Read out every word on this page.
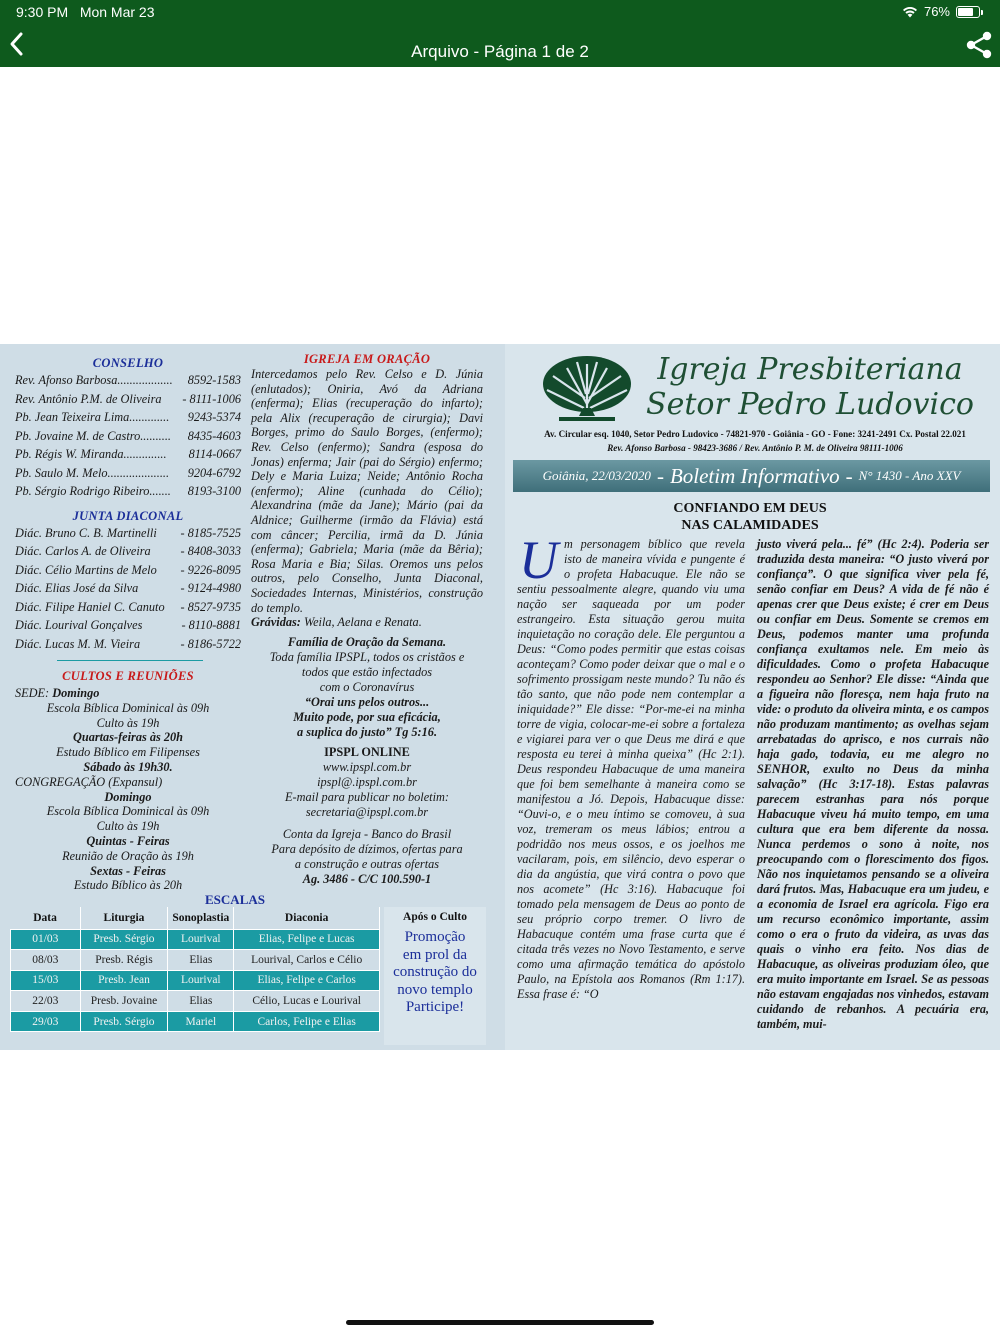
9:30 PM Mon Mar 23	76%
Arquivo - Página 1 de 2
CONSELHO
Rev. Afonso Barbosa.................. 8592-1583
Rev. Antônio P.M. de Oliveira - 8111-1006
Pb. Jean Teixeira Lima............. 9243-5374
Pb. Jovaine M. de Castro.......... 8435-4603
Pb. Régis W. Miranda.............. 8114-0667
Pb. Saulo M. Melo.................... 9204-6792
Pb. Sérgio Rodrigo Ribeiro....... 8193-3100
JUNTA DIACONAL
Diác. Bruno C. B. Martinelli - 8185-7525
Diác. Carlos A. de Oliveira - 8408-3033
Diác. Célio Martins de Melo - 9226-8095
Diác. Elias José da Silva	- 9124-4980
Diác. Filipe Haniel C. Canuto - 8527-9735
Diác. Lourival Gonçalves	- 8110-8881
Diác. Lucas M. M. Vieira	- 8186-5722
CULTOS E REUNIÕES
SEDE: Domingo
Escola Bíblica Dominical às 09h
Culto às 19h
Quartas-feiras às 20h
Estudo Bíblico em Filipenses
Sábado às 19h30.
CONGREGAÇÃO (Expansul)
Domingo
Escola Bíblica Dominical às 09h
Culto às 19h
Quintas - Feiras
Reunião de Oração às 19h
Sextas - Feiras
Estudo Bíblico às 20h
IGREJA EM ORAÇÃO
Intercedamos pelo Rev. Celso e D. Júnia (enlutados); Oniria, Avó da Adriana (enferma); Elias (recuperação do infarto); pela Alix (recuperação de cirurgia); Davi Borges, primo do Saulo Borges, (enfermo); Rev. Celso (enfermo); Sandra (esposa do Jonas) enferma; Jair (pai do Sérgio) enfermo; Dely e Maria Luiza; Neide; Antônio Rocha (enfermo); Aline (cunhada do Célio); Alexandrina (mãe da Jane); Mário (pai da Aldnice; Guilherme (irmão da Flávia) está com câncer; Percilia, irmã da D. Júnia (enferma); Gabriela; Maria (mãe da Bêria); Rosa Maria e Bia; Silas. Oremos uns pelos outros, pelo Conselho, Junta Diaconal, Sociedades Internas, Ministérios, construção do templo.
Grávidas: Weila, Aelana e Renata.
Família de Oração da Semana.
Toda família IPSPL, todos os cristãos e
todos que estão infectados
com o Coronavírus
“Orai uns pelos outros...
Muito pode, por sua eficácia,
a suplica do justo” Tg 5:16.
IPSPL ONLINE
www.ipspl.com.br
ipspl@.ipspl.com.br
E-mail para publicar no boletim:
secretaria@ipspl.com.br
Conta da Igreja - Banco do Brasil
Para depósito de dízimos, ofertas para
a construção e outras ofertas
Ag. 3486 - C/C 100.590-1
ESCALAS
Data	Liturgia	Sonoplastia	Diaconia
01/03	Presb. Sérgio	Lourival	Elias, Felipe e Lucas
08/03	Presb. Régis	Elias	Lourival, Carlos e Célio
15/03	Presb. Jean	Lourival	Elias, Felipe e Carlos
22/03	Presb. Jovaine	Elias	Célio, Lucas e Lourival
29/03	Presb. Sérgio	Mariel	Carlos, Felipe e Elias
Após o Culto
Promoção
em prol da
construção do
novo templo
Participe!
Igreja Presbiteriana
Setor Pedro Ludovico
Av. Circular esq. 1040, Setor Pedro Ludovico - 74821-970 - Goiânia - GO - Fone: 3241-2491 Cx. Postal 22.021
Rev. Afonso Barbosa - 98423-3686 / Rev. Antônio P. M. de Oliveira 98111-1006
Goiânia, 22/03/2020 - Boletim Informativo - N° 1430 - Ano XXV
CONFIANDO EM DEUS
NAS CALAMIDADES
U m personagem bíblico que revela isto de maneira vívida e pungente é o profeta Habacuque. Ele não se sentiu pessoalmente alegre, quando viu uma nação ser saqueada por um poder estrangeiro. Esta situação gerou muita inquietação no coração dele. Ele perguntou a Deus: “Como podes permitir que estas coisas aconteçam? Como poder deixar que o mal e o sofrimento prossigam neste mundo? Tu não és tão santo, que não pode nem contemplar a iniquidade?” Ele disse: “Por-me-ei na minha torre de vigia, colocar-me-ei sobre a fortaleza e vigiarei para ver o que Deus me dirá e que resposta eu terei à minha queixa” (Hc 2:1). Deus respondeu Habacuque de uma maneira que foi bem semelhante à maneira como se manifestou a Jó. Depois, Habacuque disse: “Ouvi-o, e o meu íntimo se comoveu, à sua voz, tremeram os meus lábios; entrou a podridão nos meus ossos, e os joelhos me vacilaram, pois, em silêncio, devo esperar o dia da angústia, que virá contra o povo que nos acomete” (Hc 3:16). Habacuque foi tomado pela mensagem de Deus ao ponto de seu próprio corpo tremer. O livro de Habacuque contém uma frase curta que é citada três vezes no Novo Testamento, e serve como uma afirmação temática do apóstolo Paulo, na Epístola aos Romanos (Rm 1:17). Essa frase é: “O
justo viverá pela... fé” (Hc 2:4). Poderia ser traduzida desta maneira: “O justo viverá por confiança”. O que significa viver pela fé, senão confiar em Deus? A vida de fé não é apenas crer que Deus existe; é crer em Deus ou confiar em Deus. Somente se cremos em Deus, podemos manter uma profunda confiança exultamos nele. Em meio às dificuldades. Como o profeta Habacuque respondeu ao Senhor? Ele disse: “Ainda que a figueira não floresça, nem haja fruto na vide: o produto da oliveira minta, e os campos não produzam mantimento; as ovelhas sejam arrebatadas do aprisco, e nos currais não haja gado, todavia, eu me alegro no SENHOR, exulto no Deus da minha salvação” (Hc 3:17-18). Estas palavras parecem estranhas para nós porque Habacuque viveu há muito tempo, em uma cultura que era bem diferente da nossa. Nunca perdemos o sono à noite, nos preocupando com o florescimento dos figos. Não nos inquietamos pensando se a oliveira dará frutos. Mas, Habacuque era um judeu, e a economia de Israel era agrícola. Figo era um recurso econômico importante, assim como o era o fruto da videira, as uvas das quais o vinho era feito. Nos dias de Habacuque, as oliveiras produziam óleo, que era muito importante em Israel. Se as pessoas não estavam engajadas nos vinhedos, estavam cuidando de rebanhos. A pecuária era, também, mui-
